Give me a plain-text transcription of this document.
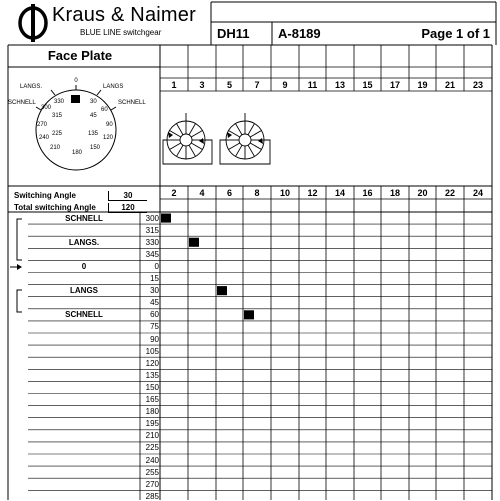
Kraus & Naimer
BLUE LINE switchgear	DH11 A-8189	Page 1 of 1
Face Plate
0
LANGS.	LANGS
SCHNELL	SCHNELL
330	30
300
315	45
60
270	90
240
225	135
120
210
180
150
1	3	5	7	9	11	13	15	17	19	21	23
2	4	6	8	10	12	14	16	18	20	22	24
Switching Angle	30
Total switching Angle	120
SCHNELL	300
315
LANGS.	330
345
0	0
15
LANGS	30
45
SCHNELL	60
75
90
105
120
135
150
165
180
195
210
225
240
255
270
285
